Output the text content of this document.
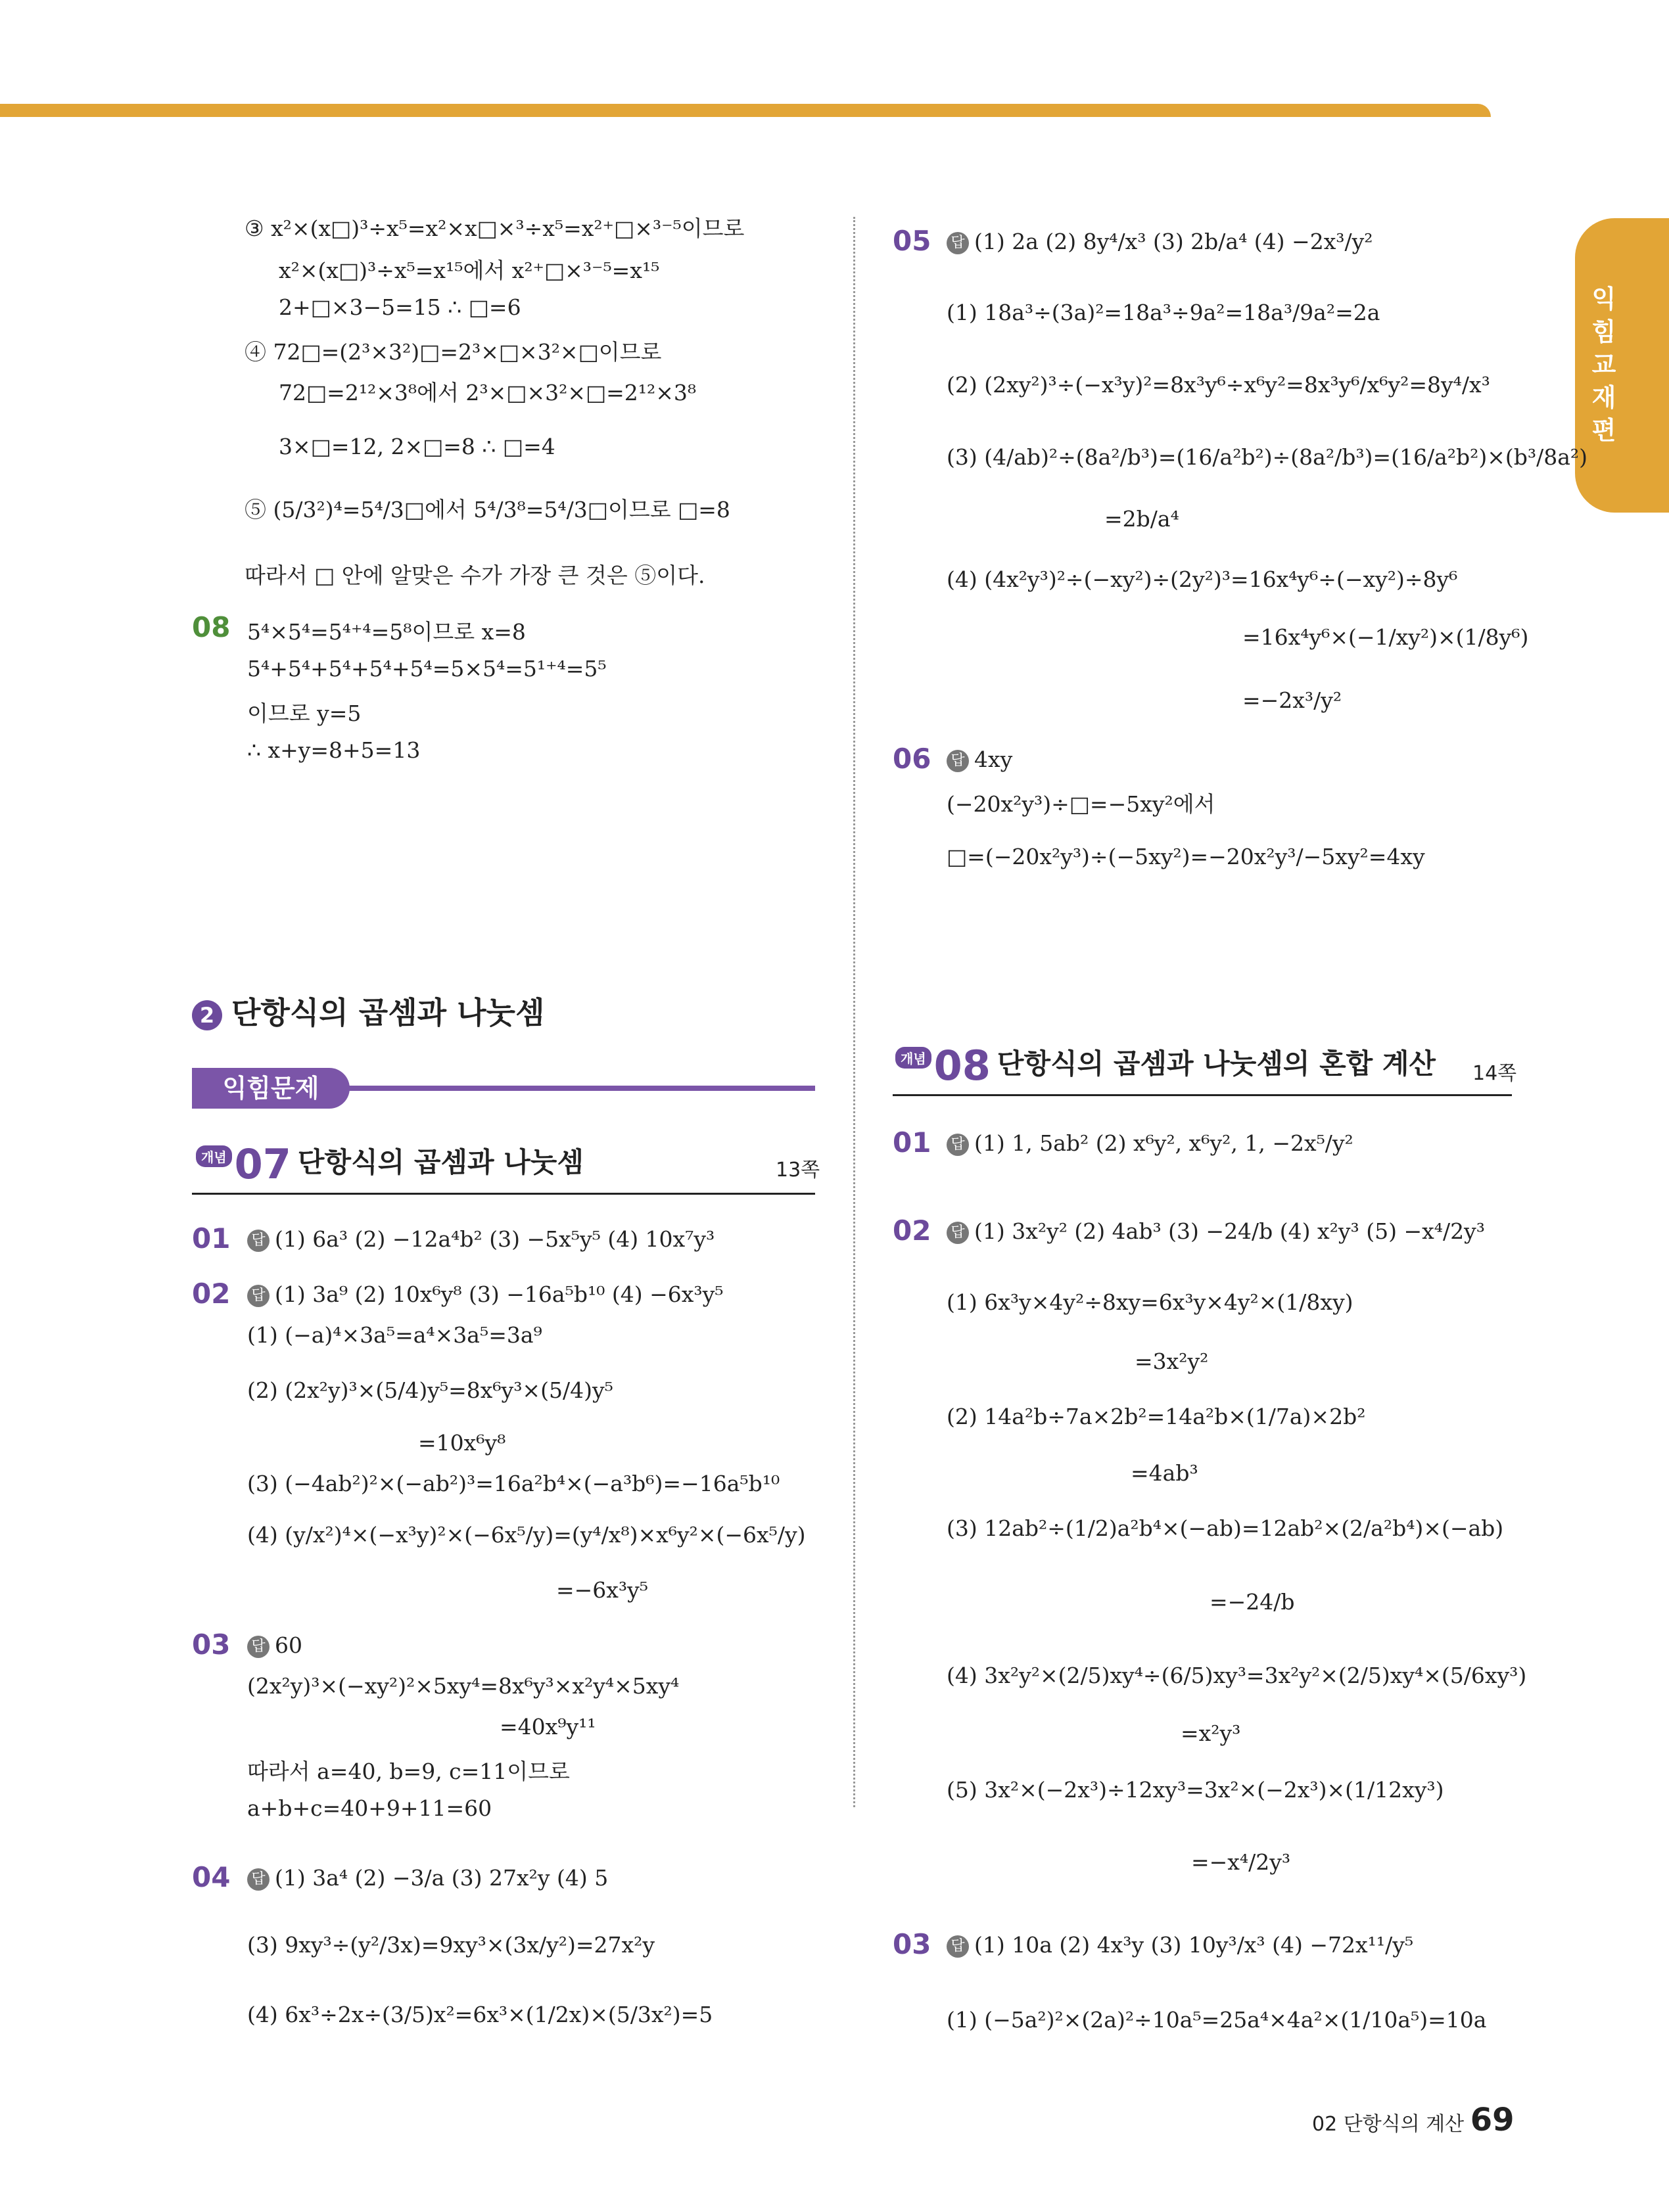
익힘교재편
③ x²×(x□)³÷x⁵=x²×x□×³÷x⁵=x²⁺□×³⁻⁵이므로
x²×(x□)³÷x⁵=x¹⁵에서 x²⁺□×³⁻⁵=x¹⁵
2+□×3−5=15 ∴ □=6
④ 72□=(2³×3²)□=2³×□×3²×□이므로
72□=2¹²×3⁸에서 2³×□×3²×□=2¹²×3⁸
3×□=12, 2×□=8 ∴ □=4
⑤ (5/3²)⁴=5⁴/3□에서 5⁴/3⁸=5⁴/3□이므로 □=8
따라서 □ 안에 알맞은 수가 가장 큰 것은 ⑤이다.
08 5⁴×5⁴=5⁴⁺⁴=5⁸이므로 x=8
5⁴+5⁴+5⁴+5⁴+5⁴=5×5⁴=5¹⁺⁴=5⁵
이므로 y=5
∴ x+y=8+5=13
2 단항식의 곱셈과 나눗셈
익힘문제
개념 07 단항식의 곱셈과 나눗셈	13쪽
01 답 (1) 6a³ (2) −12a⁴b² (3) −5x⁵y⁵ (4) 10x⁷y³
02 답 (1) 3a⁹ (2) 10x⁶y⁸ (3) −16a⁵b¹⁰ (4) −6x³y⁵
(1) (−a)⁴×3a⁵=a⁴×3a⁵=3a⁹
(2) (2x²y)³×(5/4)y⁵=8x⁶y³×(5/4)y⁵
=10x⁶y⁸
(3) (−4ab²)²×(−ab²)³=16a²b⁴×(−a³b⁶)=−16a⁵b¹⁰
(4) (y/x²)⁴×(−x³y)²×(−6x⁵/y)=(y⁴/x⁸)×x⁶y²×(−6x⁵/y)
=−6x³y⁵
03 답 60
(2x²y)³×(−xy²)²×5xy⁴=8x⁶y³×x²y⁴×5xy⁴
=40x⁹y¹¹
따라서 a=40, b=9, c=11이므로
a+b+c=40+9+11=60
04 답 (1) 3a⁴ (2) −3/a (3) 27x²y (4) 5
(3) 9xy³÷(y²/3x)=9xy³×(3x/y²)=27x²y
(4) 6x³÷2x÷(3/5)x²=6x³×(1/2x)×(5/3x²)=5
05 답 (1) 2a (2) 8y⁴/x³ (3) 2b/a⁴ (4) −2x³/y²
(1) 18a³÷(3a)²=18a³÷9a²=18a³/9a²=2a
(2) (2xy²)³÷(−x³y)²=8x³y⁶÷x⁶y²=8x³y⁶/x⁶y²=8y⁴/x³
(3) (4/ab)²÷(8a²/b³)=(16/a²b²)÷(8a²/b³)=(16/a²b²)×(b³/8a²)
=2b/a⁴
(4) (4x²y³)²÷(−xy²)÷(2y²)³=16x⁴y⁶÷(−xy²)÷8y⁶
=16x⁴y⁶×(−1/xy²)×(1/8y⁶)
=−2x³/y²
06 답 4xy
(−20x²y³)÷□=−5xy²에서
□=(−20x²y³)÷(−5xy²)=−20x²y³/−5xy²=4xy
개념 08 단항식의 곱셈과 나눗셈의 혼합 계산 14쪽
01 답 (1) 1, 5ab² (2) x⁶y², x⁶y², 1, −2x⁵/y²
02 답 (1) 3x²y² (2) 4ab³ (3) −24/b (4) x²y³ (5) −x⁴/2y³
(1) 6x³y×4y²÷8xy=6x³y×4y²×(1/8xy)
=3x²y²
(2) 14a²b÷7a×2b²=14a²b×(1/7a)×2b²
=4ab³
(3) 12ab²÷(1/2)a²b⁴×(−ab)=12ab²×(2/a²b⁴)×(−ab)
=−24/b
(4) 3x²y²×(2/5)xy⁴÷(6/5)xy³=3x²y²×(2/5)xy⁴×(5/6xy³)
=x²y³
(5) 3x²×(−2x³)÷12xy³=3x²×(−2x³)×(1/12xy³)
=−x⁴/2y³
03 답 (1) 10a (2) 4x³y (3) 10y³/x³ (4) −72x¹¹/y⁵
(1) (−5a²)²×(2a)²÷10a⁵=25a⁴×4a²×(1/10a⁵)=10a
02 단항식의 계산 69
